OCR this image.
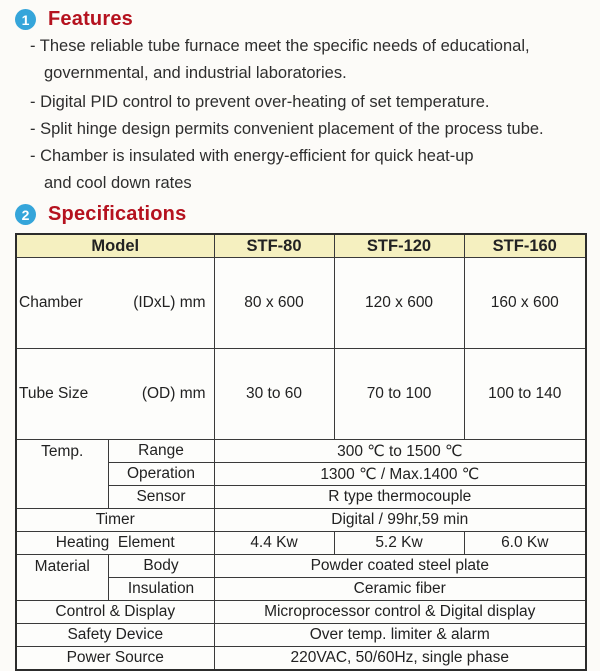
1 Features
- These reliable tube furnace meet the specific needs of educational,
governmental, and industrial laboratories.
- Digital PID control to prevent over-heating of set temperature.
- Split hinge design permits convenient placement of the process tube.
- Chamber is insulated with energy-efficient for quick heat-up
and cool down rates
2 Specifications
Model		STF-80	STF-120	STF-160

Chamber (IDxL) mm		80 x 600	120 x 600	160 x 600

Tube Size (OD) mm		30 to 60	70 to 100	100 to 140
Temp.	Range	300 ℃ to 1500 ℃		
	Operation	1300 ℃ / Max.1400 ℃		
	Sensor	R type thermocouple		
Timer		Digital / 99hr,59 min		
Heating  Element		4.4 Kw	5.2 Kw	6.0 Kw
Material	Body	Powder coated steel plate		
	Insulation	Ceramic fiber		
Control & Display		Microprocessor control & Digital display		
Safety Device		Over temp. limiter & alarm		
Power Source		220VAC, 50/60Hz, single phase		
